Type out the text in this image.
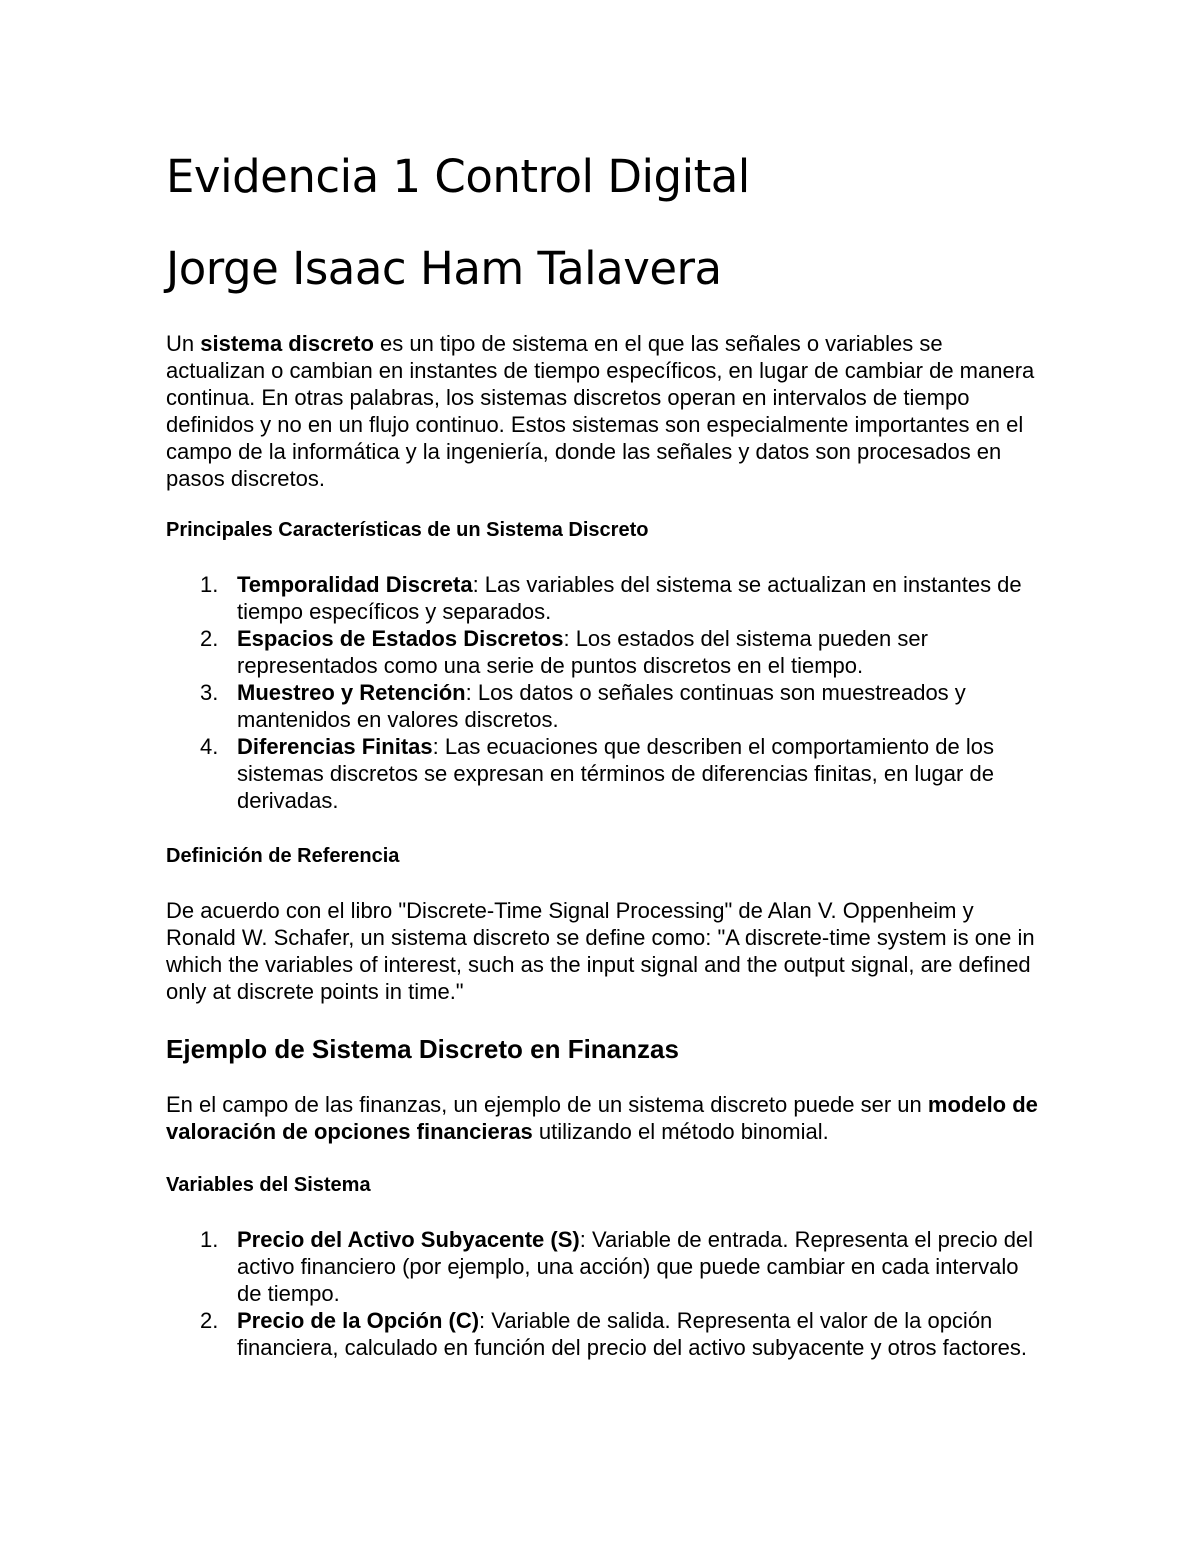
Evidencia 1 Control Digital
Jorge Isaac Ham Talavera

Un sistema discreto es un tipo de sistema en el que las señales o variables se actualizan o cambian en instantes de tiempo específicos, en lugar de cambiar de manera continua. En otras palabras, los sistemas discretos operan en intervalos de tiempo definidos y no en un flujo continuo. Estos sistemas son especialmente importantes en el campo de la informática y la ingeniería, donde las señales y datos son procesados en pasos discretos.

Principales Características de un Sistema Discreto
1. Temporalidad Discreta: Las variables del sistema se actualizan en instantes de tiempo específicos y separados.
2. Espacios de Estados Discretos: Los estados del sistema pueden ser representados como una serie de puntos discretos en el tiempo.
3. Muestreo y Retención: Los datos o señales continuas son muestreados y mantenidos en valores discretos.
4. Diferencias Finitas: Las ecuaciones que describen el comportamiento de los sistemas discretos se expresan en términos de diferencias finitas, en lugar de derivadas.
Definición de Referencia

De acuerdo con el libro "Discrete-Time Signal Processing" de Alan V. Oppenheim y Ronald W. Schafer, un sistema discreto se define como: "A discrete-time system is one in which the variables of interest, such as the input signal and the output signal, are defined only at discrete points in time."

Ejemplo de Sistema Discreto en Finanzas

En el campo de las finanzas, un ejemplo de un sistema discreto puede ser un modelo de valoración de opciones financieras utilizando el método binomial.

Variables del Sistema
1. Precio del Activo Subyacente (S): Variable de entrada. Representa el precio del activo financiero (por ejemplo, una acción) que puede cambiar en cada intervalo de tiempo.
2. Precio de la Opción (C): Variable de salida. Representa el valor de la opción financiera, calculado en función del precio del activo subyacente y otros factores.
